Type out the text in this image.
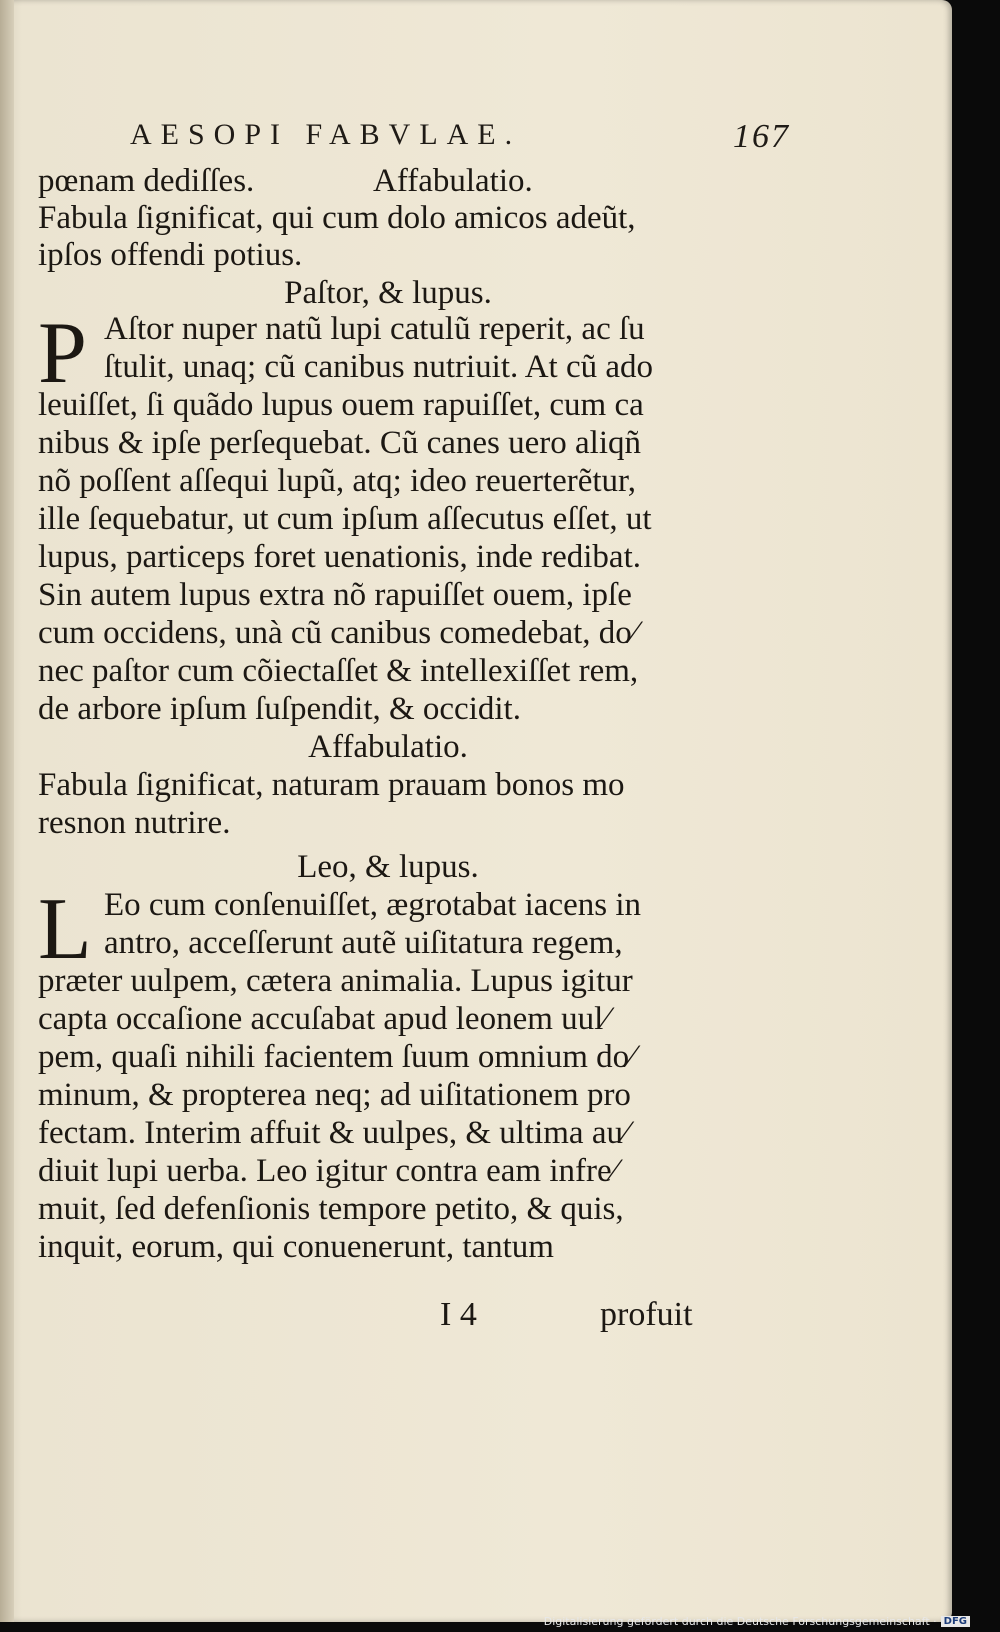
AESOPI FABVLAE.	167
pœnam dediſſes.	Affabulatio.
Fabula ſignificat, qui cum dolo amicos adeũt,
ipſos offendi potius.
Paſtor, & lupus.
P Aſtor nuper natũ lupi catulũ reperit, ac ſu
ſtulit, unaq; cũ canibus nutriuit. At cũ ado
leuiſſet, ſi quãdo lupus ouem rapuiſſet, cum ca
nibus & ipſe perſequebat. Cũ canes uero aliqñ
nõ poſſent aſſequi lupũ, atq; ideo reuerterẽtur,
ille ſequebatur, ut cum ipſum aſſecutus eſſet, ut
lupus, particeps foret uenationis, inde redibat.
Sin autem lupus extra nõ rapuiſſet ouem, ipſe
cum occidens, unà cũ canibus comedebat, do⁄
nec paſtor cum cõiectaſſet & intellexiſſet rem,
de arbore ipſum ſuſpendit, & occidit.
Affabulatio.
Fabula ſignificat, naturam prauam bonos mo
resnon nutrire.
Leo, & lupus.
L Eo cum conſenuiſſet, ægrotabat iacens in
antro, acceſſerunt autẽ uiſitatura regem,
præter uulpem, cætera animalia. Lupus igitur
capta occaſione accuſabat apud leonem uul⁄
pem, quaſi nihili facientem ſuum omnium do⁄
minum, & propterea neq; ad uiſitationem pro
fectam. Interim affuit & uulpes, & ultima au⁄
diuit lupi uerba. Leo igitur contra eam infre⁄
muit, ſed defenſionis tempore petito, & quis,
inquit, eorum, qui conuenerunt, tantum
I 4	profuit
Digitalisierung gefördert durch die Deutsche Forschungsgemeinschaft · DFG
